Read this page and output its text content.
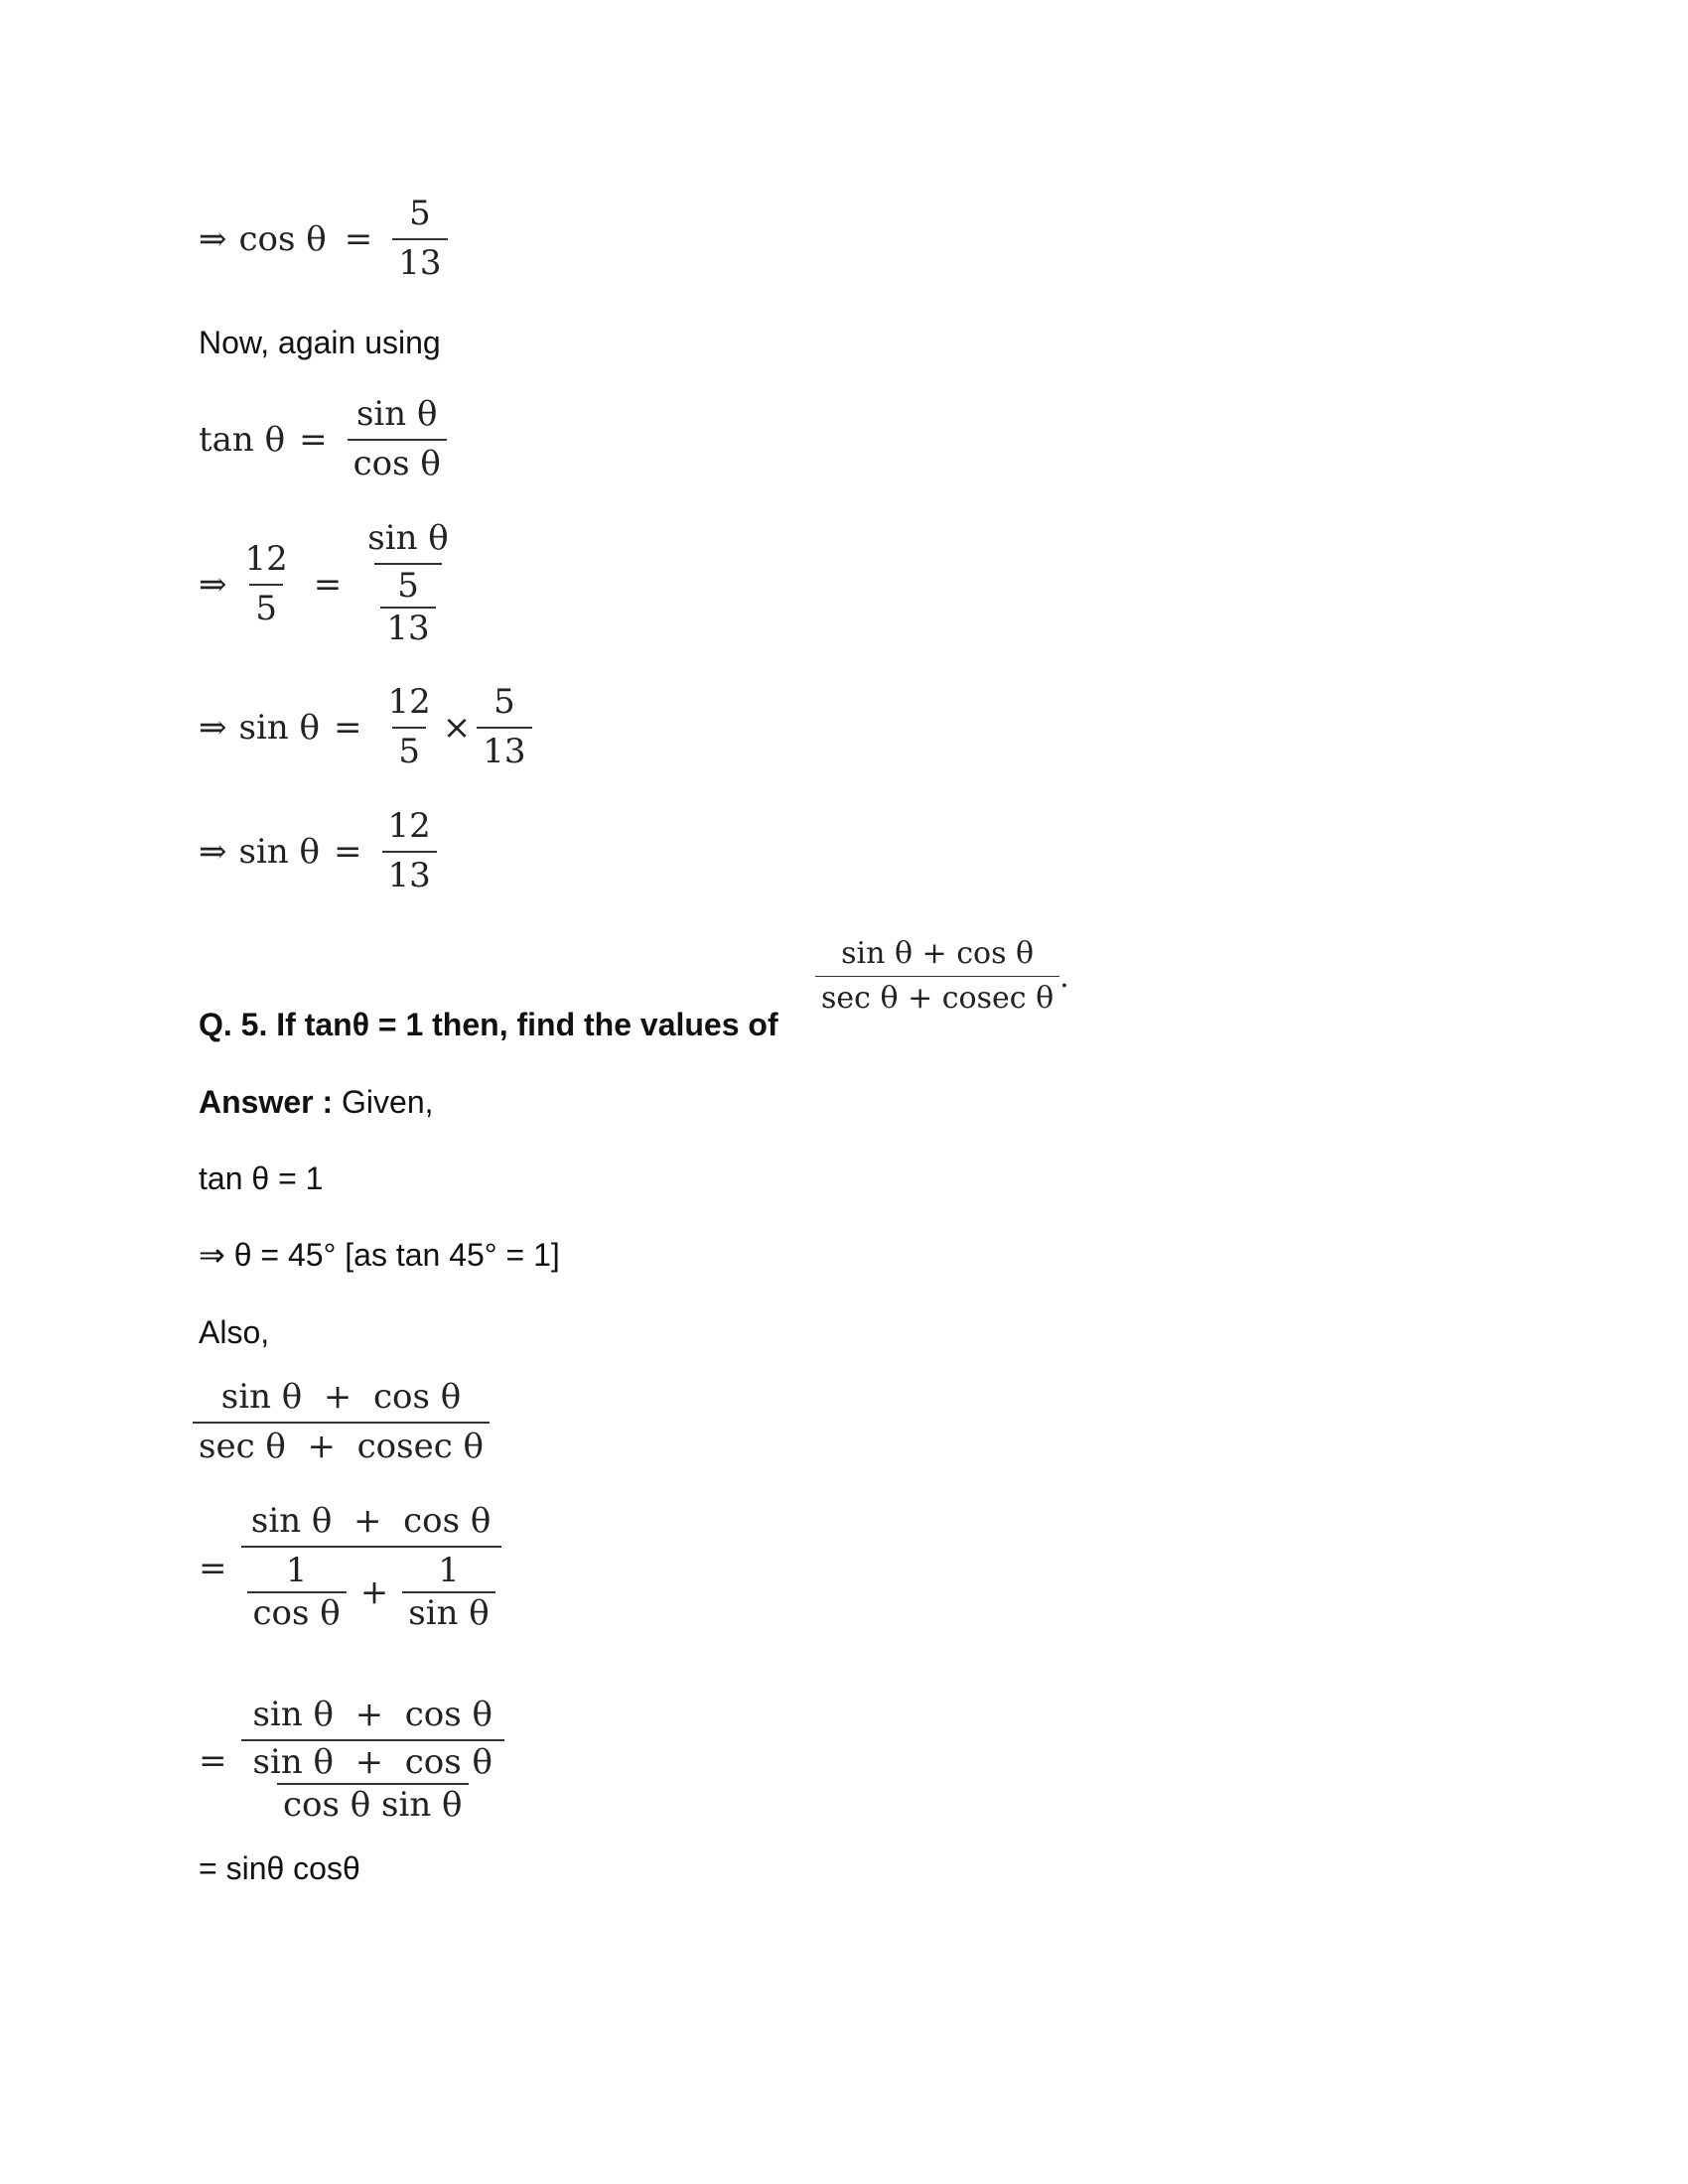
⇒ $\cos \theta = \frac{5}{13}$
Now, again using
$\tan \theta = \frac{\text{sin θ}}{\text{cos θ}}$
⇒ $\frac{12}{5} = \frac{\text{sin θ}}{\frac{5}{13}}$
⇒ $\sin \theta = \frac{12}{5} \times \frac{5}{13}$
⇒ $\sin \theta = \frac{12}{13}$
Q. 5. If tanθ = 1 then, find the values of
$\frac{\text{sin θ + cos θ}}{\text{sec θ + cosec θ}}$ .
Answer : Given,
tan θ = 1
⇒ θ = 45° [as tan 45° = 1]
Also,
$\frac{\text{sin θ  +  cos θ}}{\text{sec θ  +  cosec θ}}$
=
sin θ  +  cos θ
$\frac{1}{\text{cos θ}} + \frac{1}{\text{sin θ}}$
= $\frac{\text{sin θ  +  cos θ}}{\frac{\text{sin θ  +  cos θ}}{\text{cos θ sin θ}}}$
= sinθ cosθ
